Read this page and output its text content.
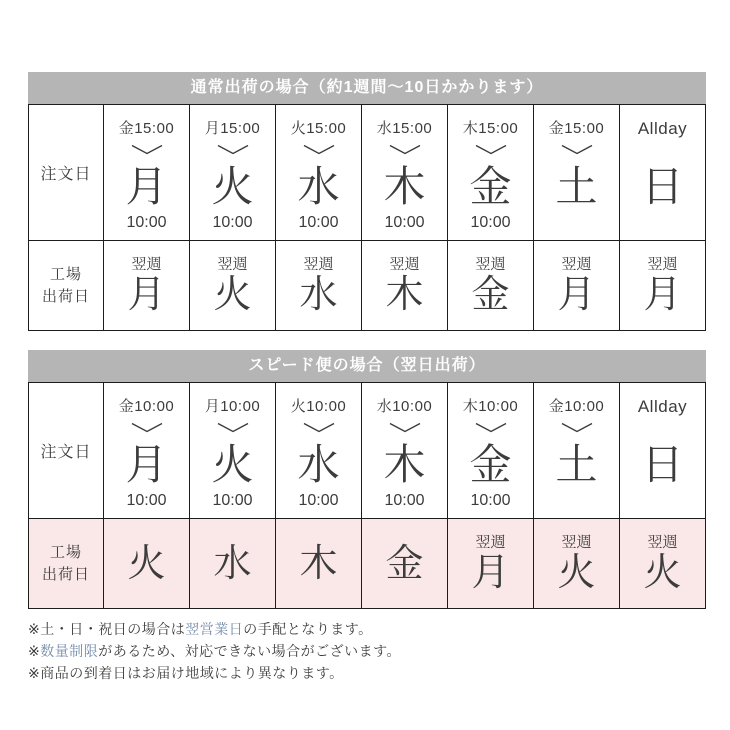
通常出荷の場合（約1週間〜10日かかります）
注文日
金15:00
月
10:00
月15:00
火
10:00
火15:00
水
10:00
水15:00
木
10:00
木15:00
金
10:00
金15:00
土
Allday
日
工場
出荷日
翌週
月
翌週
火
翌週
水
翌週
木
翌週
金
翌週
月
翌週
月
スピード便の場合（翌日出荷）
注文日
金10:00
月
10:00
月10:00
火
10:00
火10:00
水
10:00
水10:00
木
10:00
木10:00
金
10:00
金10:00
土
Allday
日
工場
出荷日 火 水 木 金
翌週
月
翌週
火
翌週
火
※土・日・祝日の場合は翌営業日の手配となります。
※数量制限があるため、対応できない場合がございます。
※商品の到着日はお届け地域により異なります。
